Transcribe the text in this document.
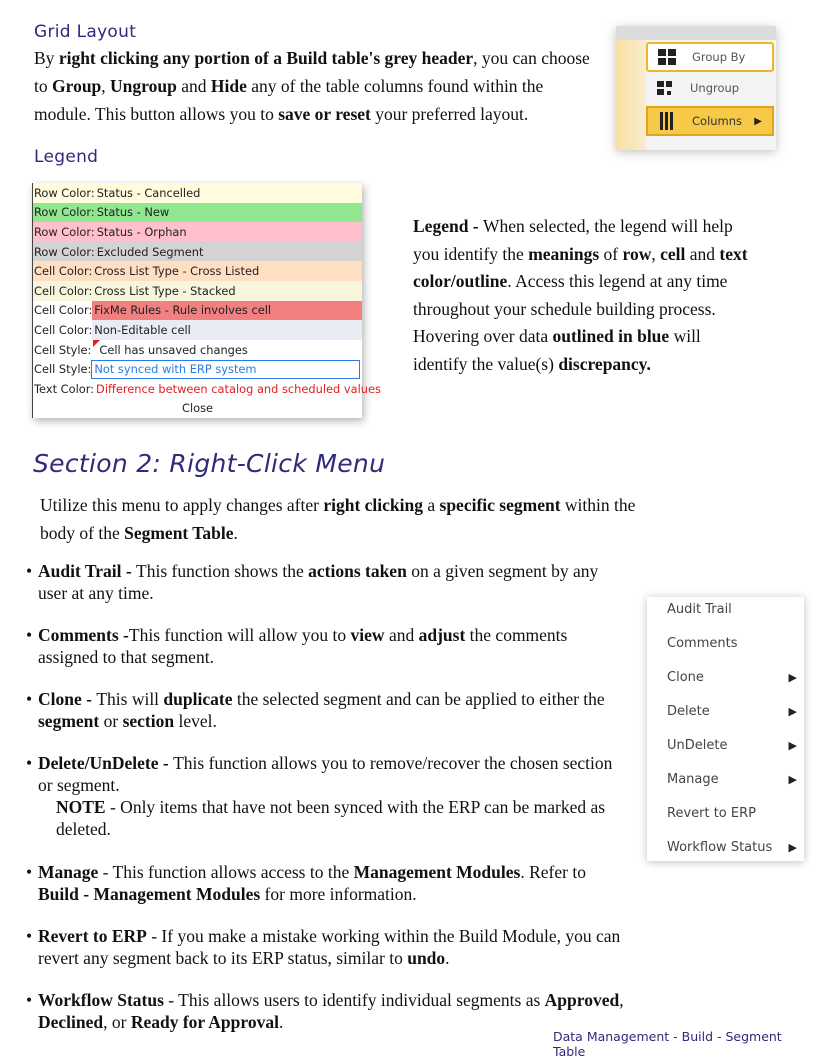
Grid Layout
By right clicking any portion of a Build table's grey header, you can choose to Group, Ungroup and Hide any of the table columns found within the module. This button allows you to save or reset your preferred layout.
Group By
Ungroup
Columns	▶
Legend
Row Color: Status - Cancelled
Row Color: Status - New
Row Color: Status - Orphan
Row Color: Excluded Segment
Cell Color: Cross List Type - Cross Listed
Cell Color: Cross List Type - Stacked
Cell Color: FixMe Rules - Rule involves cell
Cell Color: Non-Editable cell
Cell Style: Cell has unsaved changes
Cell Style: Not synced with ERP system
Text Color: Difference between catalog and scheduled values
Close
Legend - When selected, the legend will help you identify the meanings of row, cell and text color/outline. Access this legend at any time throughout your schedule building process. Hovering over data outlined in blue will identify the value(s) discrepancy.
Section 2: Right-Click Menu
Utilize this menu to apply changes after right clicking a specific segment within the body of the Segment Table.
• Audit Trail - This function shows the actions taken on a given segment by any user at any time.
• Comments -This function will allow you to view and adjust the comments assigned to that segment.
• Clone - This will duplicate the selected segment and can be applied to either the segment or section level.
• Delete/UnDelete - This function allows you to remove/recover the chosen section or segment.
NOTE - Only items that have not been synced with the ERP can be marked as deleted.
• Manage - This function allows access to the Management Modules. Refer to Build - Management Modules for more information.
• Revert to ERP - If you make a mistake working within the Build Module, you can revert any segment back to its ERP status, similar to undo.
• Workflow Status - This allows users to identify individual segments as Approved, Declined, or Ready for Approval.
Audit Trail
Comments
Clone	▶
Delete	▶
UnDelete	▶
Manage	▶
Revert to ERP
Workflow Status ▶
Data Management - Build - Segment Table
